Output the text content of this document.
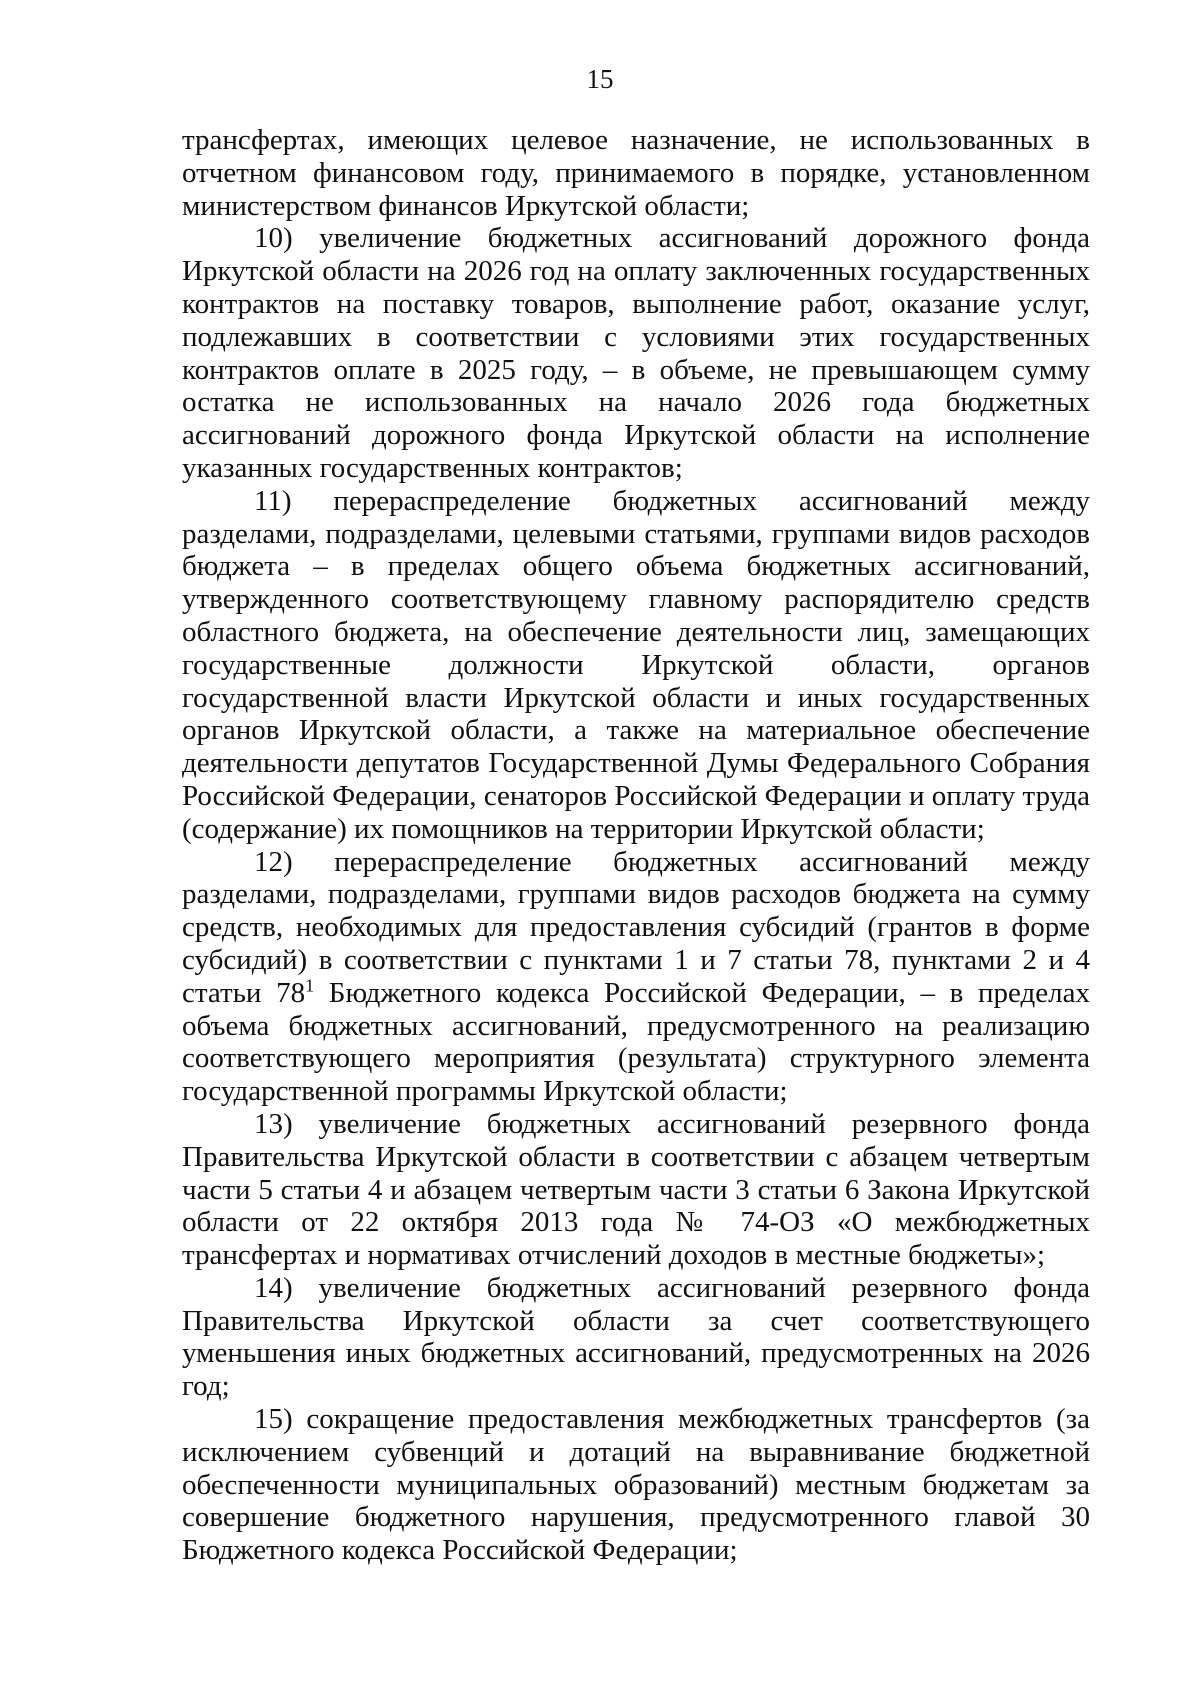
15

трансфертах, имеющих целевое назначение, не использованных в отчетном финансовом году, принимаемого в порядке, установленном министерством финансов Иркутской области;

10) увеличение бюджетных ассигнований дорожного фонда Иркутской области на 2026 год на оплату заключенных государственных контрактов на поставку товаров, выполнение работ, оказание услуг, подлежавших в соответствии с условиями этих государственных контрактов оплате в 2025 году, – в объеме, не превышающем сумму остатка не использованных на начало 2026 года бюджетных ассигнований дорожного фонда Иркутской области на исполнение указанных государственных контрактов;

11) перераспределение бюджетных ассигнований между разделами, подразделами, целевыми статьями, группами видов расходов бюджета – в пределах общего объема бюджетных ассигнований, утвержденного соответствующему главному распорядителю средств областного бюджета, на обеспечение деятельности лиц, замещающих государственные должности Иркутской области, органов государственной власти Иркутской области и иных государственных органов Иркутской области, а также на материальное обеспечение деятельности депутатов Государственной Думы Федерального Собрания Российской Федерации, сенаторов Российской Федерации и оплату труда (содержание) их помощников на территории Иркутской области;

12) перераспределение бюджетных ассигнований между разделами, подразделами, группами видов расходов бюджета на сумму средств, необходимых для предоставления субсидий (грантов в форме субсидий) в соответствии с пунктами 1 и 7 статьи 78, пунктами 2 и 4 статьи $78^1$ Бюджетного кодекса Российской Федерации, – в пределах объема бюджетных ассигнований, предусмотренного на реализацию соответствующего мероприятия (результата) структурного элемента государственной программы Иркутской области;

13) увеличение бюджетных ассигнований резервного фонда Правительства Иркутской области в соответствии с абзацем четвертым части 5 статьи 4 и абзацем четвертым части 3 статьи 6 Закона Иркутской области от 22 октября 2013 года № 74-ОЗ «О межбюджетных трансфертах и нормативах отчислений доходов в местные бюджеты»;

14) увеличение бюджетных ассигнований резервного фонда Правительства Иркутской области за счет соответствующего уменьшения иных бюджетных ассигнований, предусмотренных на 2026 год;

15) сокращение предоставления межбюджетных трансфертов (за исключением субвенций и дотаций на выравнивание бюджетной обеспеченности муниципальных образований) местным бюджетам за совершение бюджетного нарушения, предусмотренного главой 30 Бюджетного кодекса Российской Федерации;
